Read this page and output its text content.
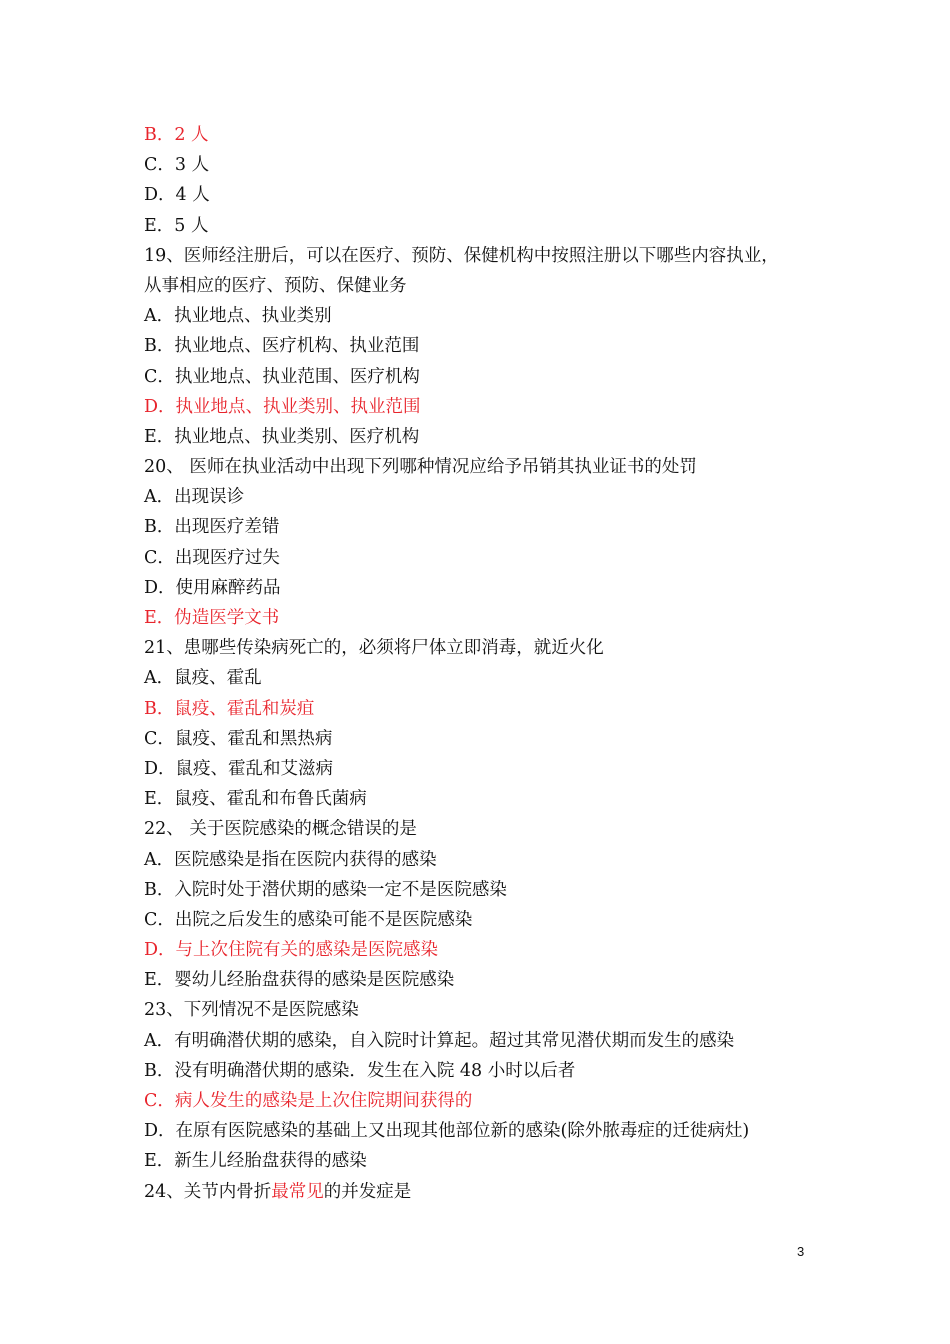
B．2 人
C．3 人
D．4 人
E．5 人
19、医师经注册后，可以在医疗、预防、保健机构中按照注册以下哪些内容执业，
从事相应的医疗、预防、保健业务
A．执业地点、执业类别
B．执业地点、医疗机构、执业范围
C．执业地点、执业范围、医疗机构
D．执业地点、执业类别、执业范围
E．执业地点、执业类别、医疗机构
20、 医师在执业活动中出现下列哪种情况应给予吊销其执业证书的处罚
A．出现误诊
B．出现医疗差错
C．出现医疗过失
D．使用麻醉药品
E．伪造医学文书
21、患哪些传染病死亡的，必须将尸体立即消毒，就近火化
A．鼠疫、霍乱
B．鼠疫、霍乱和炭疽
C．鼠疫、霍乱和黑热病
D．鼠疫、霍乱和艾滋病
E．鼠疫、霍乱和布鲁氏菌病
22、 关于医院感染的概念错误的是
A．医院感染是指在医院内获得的感染
B．入院时处于潜伏期的感染一定不是医院感染
C．出院之后发生的感染可能不是医院感染
D．与上次住院有关的感染是医院感染
E．婴幼儿经胎盘获得的感染是医院感染
23、下列情况不是医院感染
A．有明确潜伏期的感染，自入院时计算起。超过其常见潜伏期而发生的感染
B．没有明确潜伏期的感染．发生在入院 48 小时以后者
C．病人发生的感染是上次住院期间获得的
D．在原有医院感染的基础上又出现其他部位新的感染(除外脓毒症的迁徙病灶)
E．新生儿经胎盘获得的感染
24、关节内骨折最常见的并发症是
3
